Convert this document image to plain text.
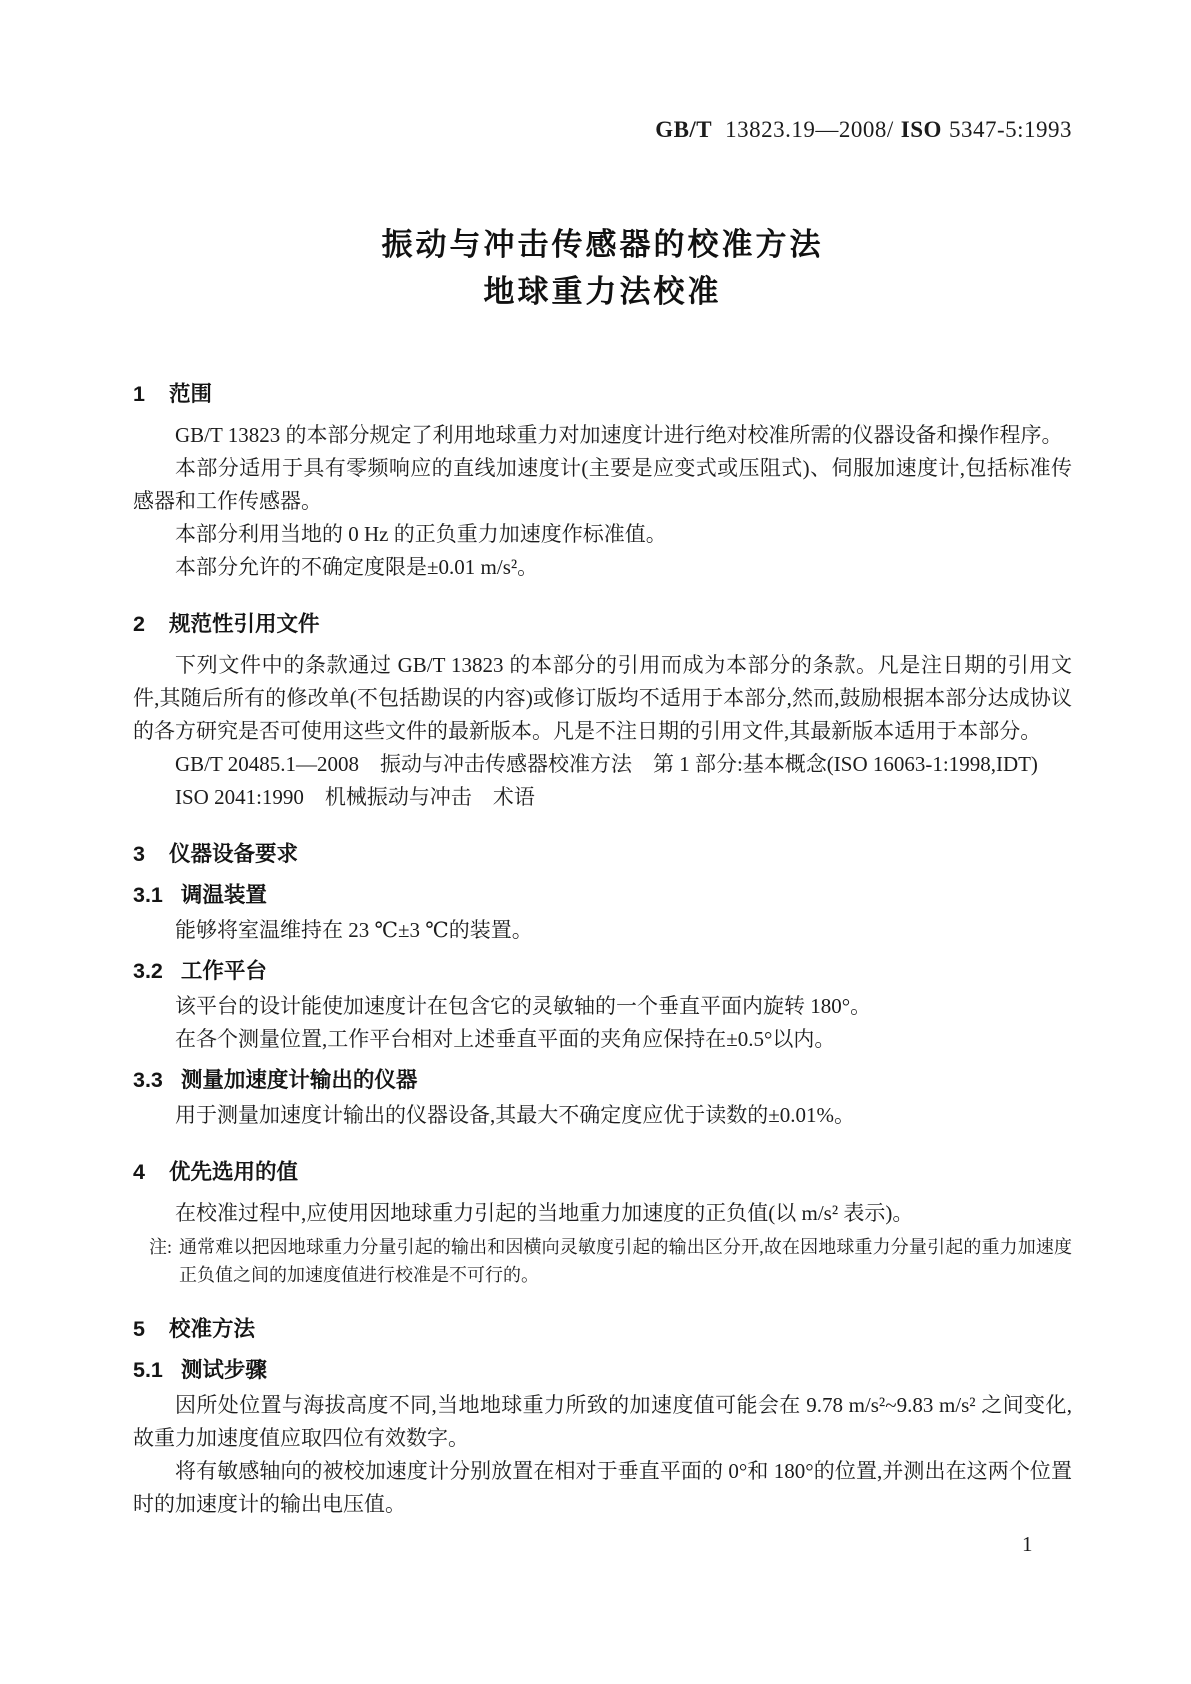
GB/T 13823.19—2008/ ISO 5347-5:1993
振动与冲击传感器的校准方法
地球重力法校准
1 范围

GB/T 13823 的本部分规定了利用地球重力对加速度计进行绝对校准所需的仪器设备和操作程序。

本部分适用于具有零频响应的直线加速度计(主要是应变式或压阻式)、伺服加速度计,包括标准传感器和工作传感器。

本部分利用当地的 0 Hz 的正负重力加速度作标准值。

本部分允许的不确定度限是±0.01 m/s²。

2 规范性引用文件

下列文件中的条款通过 GB/T 13823 的本部分的引用而成为本部分的条款。凡是注日期的引用文件,其随后所有的修改单(不包括勘误的内容)或修订版均不适用于本部分,然而,鼓励根据本部分达成协议的各方研究是否可使用这些文件的最新版本。凡是不注日期的引用文件,其最新版本适用于本部分。

GB/T 20485.1—2008　振动与冲击传感器校准方法　第 1 部分:基本概念(ISO 16063-1:1998,IDT)

ISO 2041:1990　机械振动与冲击　术语

3 仪器设备要求
3.1 调温装置

能够将室温维持在 23 ℃±3 ℃的装置。

3.2 工作平台

该平台的设计能使加速度计在包含它的灵敏轴的一个垂直平面内旋转 180°。

在各个测量位置,工作平台相对上述垂直平面的夹角应保持在±0.5°以内。

3.3 测量加速度计输出的仪器

用于测量加速度计输出的仪器设备,其最大不确定度应优于读数的±0.01%。

4 优先选用的值

在校准过程中,应使用因地球重力引起的当地重力加速度的正负值(以 m/s² 表示)。

注: 通常难以把因地球重力分量引起的输出和因横向灵敏度引起的输出区分开,故在因地球重力分量引起的重力加速度正负值之间的加速度值进行校准是不可行的。
5 校准方法
5.1 测试步骤

因所处位置与海拔高度不同,当地地球重力所致的加速度值可能会在 9.78 m/s²~9.83 m/s² 之间变化,故重力加速度值应取四位有效数字。

将有敏感轴向的被校加速度计分别放置在相对于垂直平面的 0°和 180°的位置,并测出在这两个位置时的加速度计的输出电压值。

1
